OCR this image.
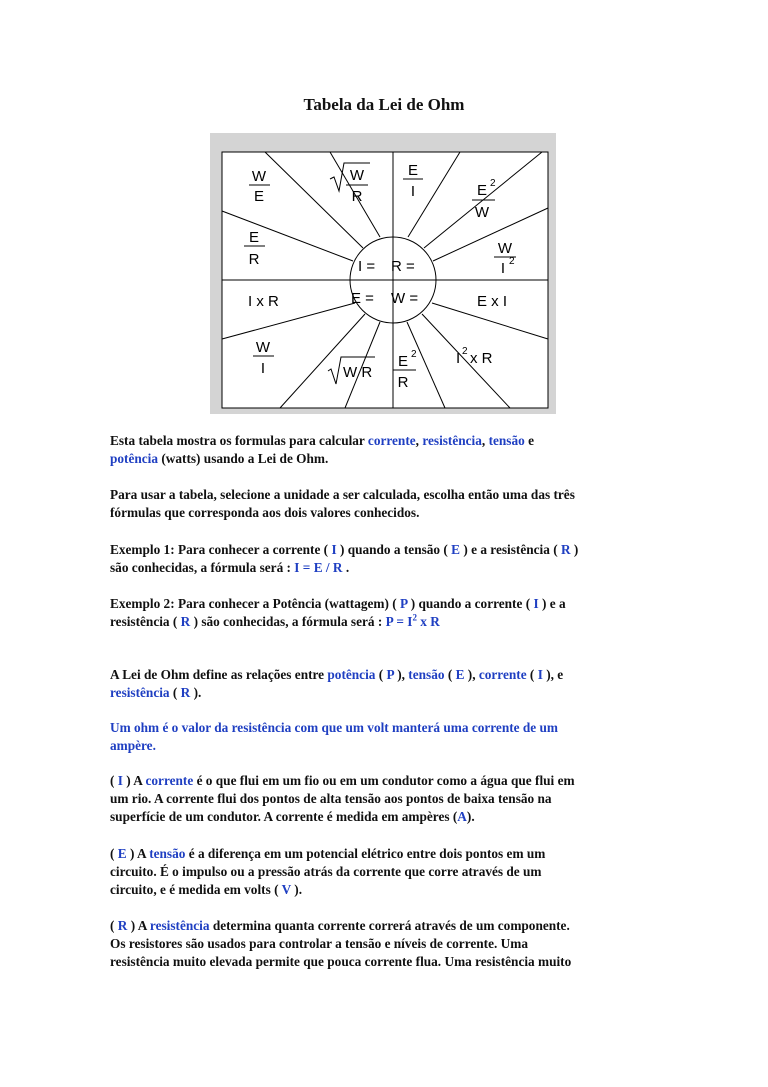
Tabela da Lei de Ohm
W
E
W
R
E
I	E 2
W
E
R
W
I 2
I = R =
E = W =
I x R	E x I
W
I	W R
E 2
R
I 2 x R

Esta tabela mostra os formulas para calcular corrente, resistência, tensão e

potência (watts) usando a Lei de Ohm.

Para usar a tabela, selecione a unidade a ser calculada, escolha então uma das três

fórmulas que corresponda aos dois valores conhecidos.

Exemplo 1: Para conhecer a corrente ( I ) quando a tensão ( E ) e a resistência ( R )

são conhecidas, a fórmula será : I = E / R .

Exemplo 2: Para conhecer a Potência (wattagem) ( P ) quando a corrente ( I ) e a

resistência ( R ) são conhecidas, a fórmula será : $P = I^2$ x R

A Lei de Ohm define as relações entre potência ( P ), tensão ( E ), corrente ( I ), e

resistência ( R ).

Um ohm é o valor da resistência com que um volt manterá uma corrente de um

ampère.

( I ) A corrente é o que flui em um fio ou em um condutor como a água que flui em

um rio. A corrente flui dos pontos de alta tensão aos pontos de baixa tensão na

superfície de um condutor. A corrente é medida em ampères (A).

( E ) A tensão é a diferença em um potencial elétrico entre dois pontos em um

circuito. É o impulso ou a pressão atrás da corrente que corre através de um

circuito, e é medida em volts ( V ).

( R ) A resistência determina quanta corrente correrá através de um componente.

Os resistores são usados para controlar a tensão e níveis de corrente. Uma

resistência muito elevada permite que pouca corrente flua. Uma resistência muito
